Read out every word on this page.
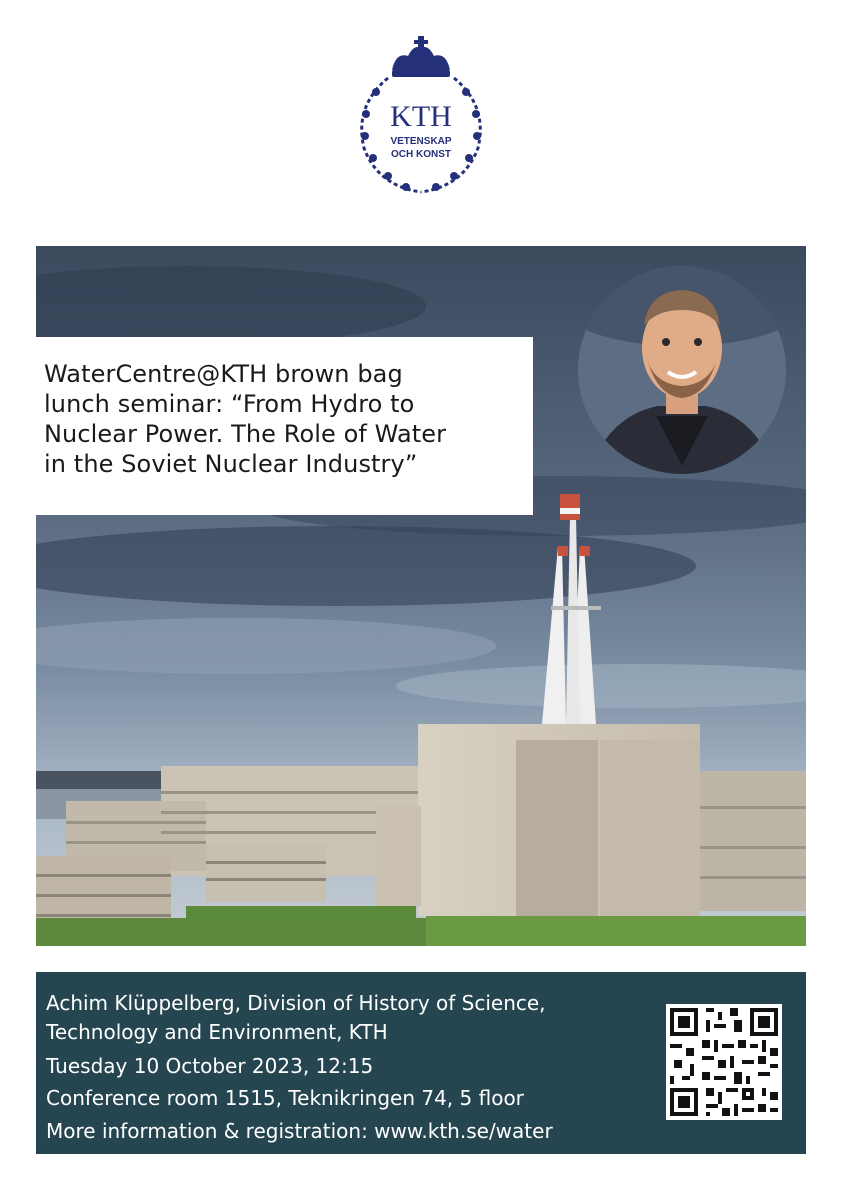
KTH
VETENSKAP
OCH KONST
WaterCentre@KTH brown bag
lunch seminar: “From Hydro to
Nuclear Power. The Role of Water
in the Soviet Nuclear Industry”
Achim Klüppelberg, Division of History of Science,
Technology and Environment, KTH
Tuesday 10 October 2023, 12:15
Conference room 1515, Teknikringen 74, 5 floor
More information & registration: www.kth.se/water
